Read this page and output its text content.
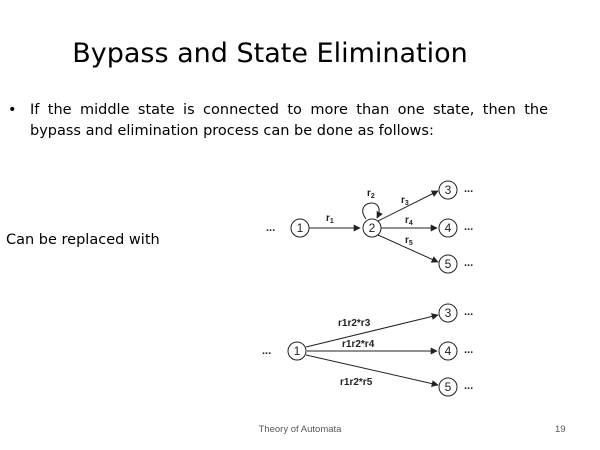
Bypass and State Elimination
• If the middle state is connected to more than one state, then the bypass and elimination process can be done as follows:
Can be replaced with
... 1	2
3
4
5
$r_1$
$r_2$	$r_3$
$r_4$
$r_5$
...
...
...
... 1
3
4
5
r1r2*r3
r1r2*r4
r1r2*r5
...
...
...
Theory of Automata	19
